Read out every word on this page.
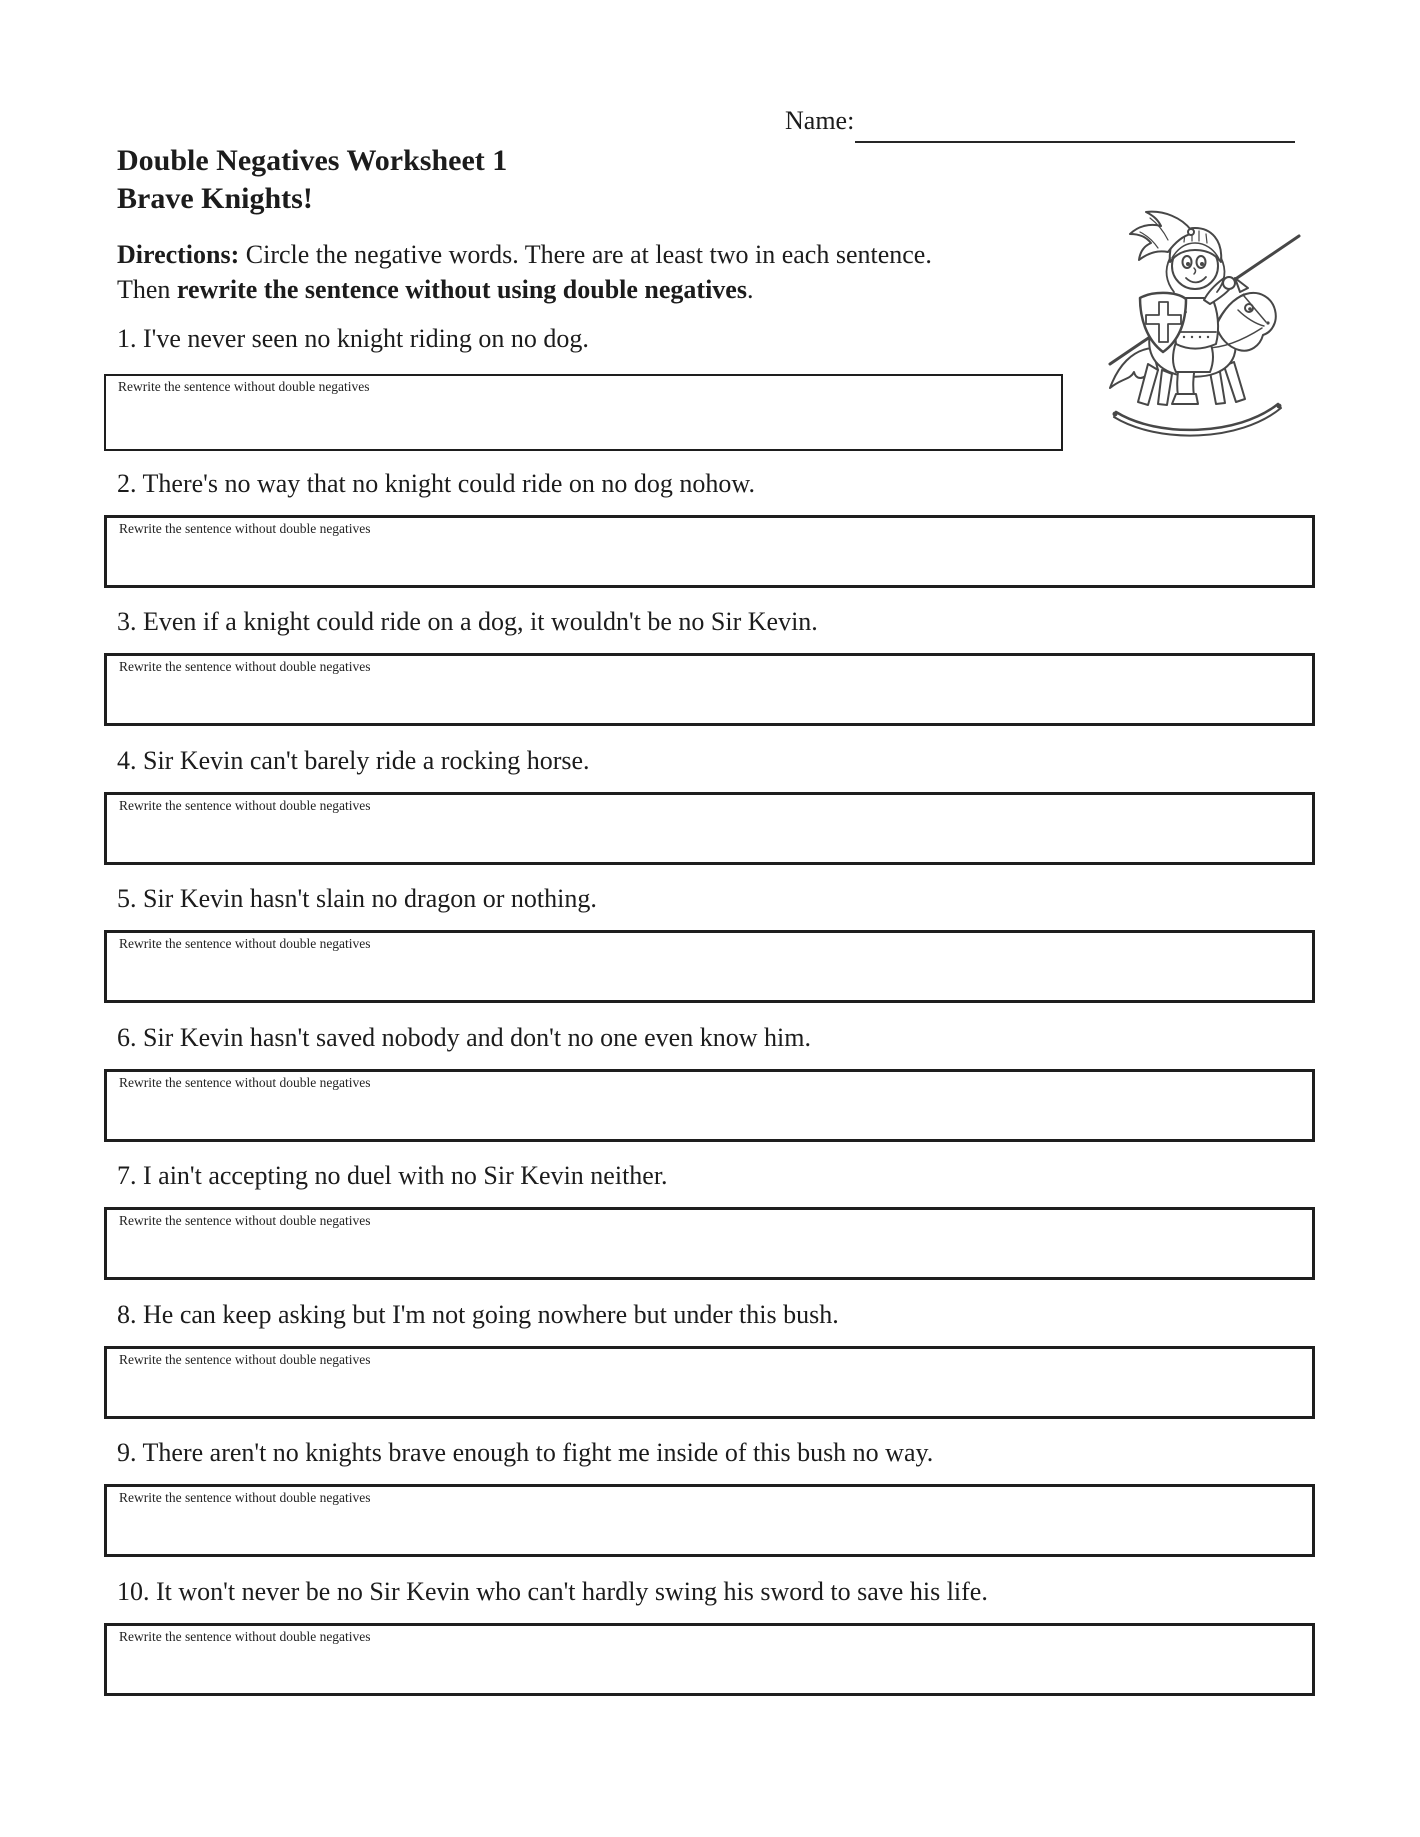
Name:
Double Negatives Worksheet 1
Brave Knights!
Directions: Circle the negative words. There are at least two in each sentence.
Then rewrite the sentence without using double negatives.

1. I've never seen no knight riding on no dog.

Rewrite the sentence without double negatives

2. There's no way that no knight could ride on no dog nohow.

Rewrite the sentence without double negatives

3. Even if a knight could ride on a dog, it wouldn't be no Sir Kevin.

Rewrite the sentence without double negatives

4. Sir Kevin can't barely ride a rocking horse.

Rewrite the sentence without double negatives

5. Sir Kevin hasn't slain no dragon or nothing.

Rewrite the sentence without double negatives

6. Sir Kevin hasn't saved nobody and don't no one even know him.

Rewrite the sentence without double negatives

7. I ain't accepting no duel with no Sir Kevin neither.

Rewrite the sentence without double negatives

8. He can keep asking but I'm not going nowhere but under this bush.

Rewrite the sentence without double negatives

9. There aren't no knights brave enough to fight me inside of this bush no way.

Rewrite the sentence without double negatives

10. It won't never be no Sir Kevin who can't hardly swing his sword to save his life.

Rewrite the sentence without double negatives
